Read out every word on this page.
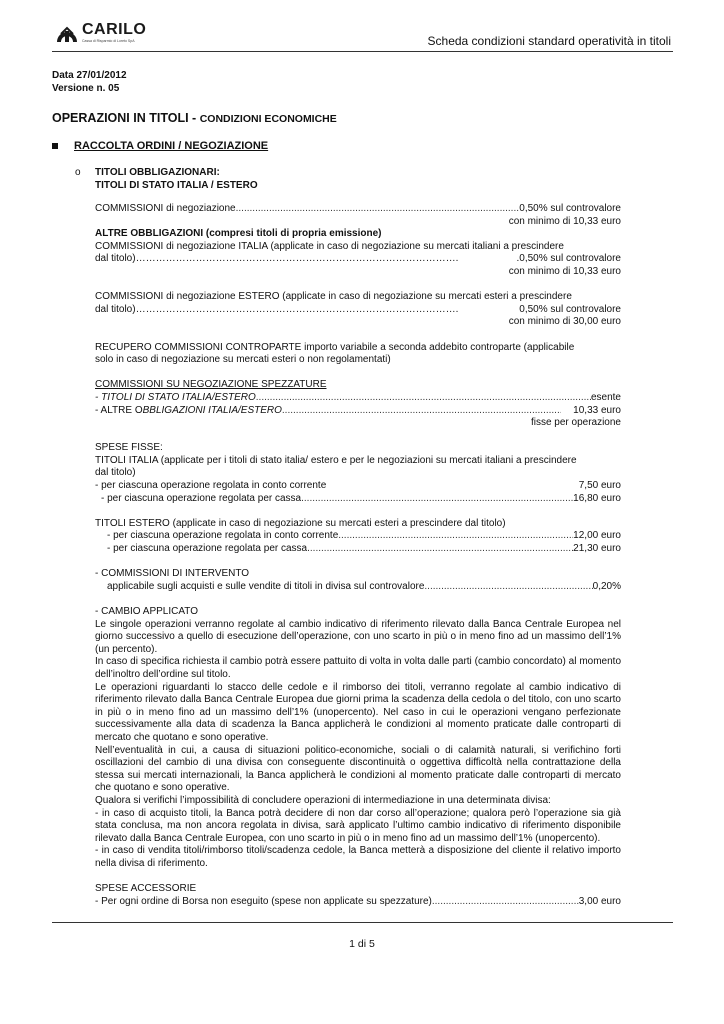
CARILO
Cassa di Risparmio di Loreto SpA	Scheda condizioni standard operatività in titoli
Data 27/01/2012
Versione n. 05
OPERAZIONI IN TITOLI - CONDIZIONI ECONOMICHE
RACCOLTA ORDINI / NEGOZIAZIONE
o TITOLI OBBLIGAZIONARI:
TITOLI DI STATO ITALIA / ESTERO
COMMISSIONI di negoziazione .....	0,50% sul controvalore
con minimo di 10,33 euro
ALTRE OBBLIGAZIONI (compresi titoli di propria emissione)
COMMISSIONI di negoziazione ITALIA (applicate in caso di negoziazione su mercati italiani a prescindere
dal titolo)…………………………………………………………………………………….	.0,50% sul controvalore
con minimo di 10,33 euro
COMMISSIONI di negoziazione ESTERO (applicate in caso di negoziazione su mercati esteri a prescindere
dal titolo)…………………………………………………………………………………….	0,50% sul controvalore
con minimo di 30,00 euro
RECUPERO COMMISSIONI CONTROPARTE importo variabile a seconda addebito controparte (applicabile
solo in caso di negoziazione su mercati esteri o non regolamentati)
COMMISSIONI SU NEGOZIAZIONE SPEZZATURE
- TITOLI DI STATO ITALIA/ESTERO .....	esente
- ALTRE O BBLIGAZIONI ITALIA/ESTERO .....	10,33 euro
fisse per operazione
SPESE FISSE:
TITOLI ITALIA (applicate per i titoli di stato italia/ estero e per le negoziazioni su mercati italiani a prescindere
dal titolo)
- per ciascuna operazione regolata in conto corrente	7,50 euro
- per ciascuna operazione regolata per cassa .....	16,80 euro
TITOLI ESTERO (applicate in caso di negoziazione su mercati esteri a prescindere dal titolo)
- per ciascuna operazione regolata in conto corrente .....	12,00 euro
- per ciascuna operazione regolata per cassa .....	21,30 euro
- COMMISSIONI DI INTERVENTO
applicabile sugli acquisti e sulle vendite di titoli in divisa sul controvalore .....	0,20%
- CAMBIO APPLICATO

Le singole operazioni verranno regolate al cambio indicativo di riferimento rilevato dalla Banca Centrale Europea nel giorno successivo a quello di esecuzione dell’operazione, con uno scarto in più o in meno fino ad un massimo dell’1% (un percento).

In caso di specifica richiesta il cambio potrà essere pattuito di volta in volta dalle parti (cambio concordato) al momento dell’inoltro dell’ordine sul titolo.

Le operazioni riguardanti lo stacco delle cedole e il rimborso dei titoli, verranno regolate al cambio indicativo di riferimento rilevato dalla Banca Centrale Europea due giorni prima la scadenza della cedola o del titolo, con uno scarto in più o in meno fino ad un massimo dell’1% (unopercento). Nel caso in cui le operazioni vengano perfezionate successivamente alla data di scadenza la Banca applicherà le condizioni al momento praticate dalle controparti di mercato che quotano e sono operative.

Nell’eventualità in cui, a causa di situazioni politico-economiche, sociali o di calamità naturali, si verifichino forti oscillazioni del cambio di una divisa con conseguente discontinuità o oggettiva difficoltà nella contrattazione della stessa sui mercati internazionali, la Banca applicherà le condizioni al momento praticate dalle controparti di mercato che quotano e sono operative.

Qualora si verifichi l’impossibilità di concludere operazioni di intermediazione in una determinata divisa:

- in caso di acquisto titoli, la Banca potrà decidere di non dar corso all’operazione; qualora però l’operazione sia già stata conclusa, ma non ancora regolata in divisa, sarà applicato l’ultimo cambio indicativo di riferimento disponibile rilevato dalla Banca Centrale Europea, con uno scarto in più o in meno fino ad un massimo dell’1% (unopercento).

- in caso di vendita titoli/rimborso titoli/scadenza cedole, la Banca metterà a disposizione del cliente il relativo importo nella divisa di riferimento.

SPESE ACCESSORIE
- Per ogni ordine di Borsa non eseguito (spese non applicate su spezzature) .....	3,00 euro
1 di 5
